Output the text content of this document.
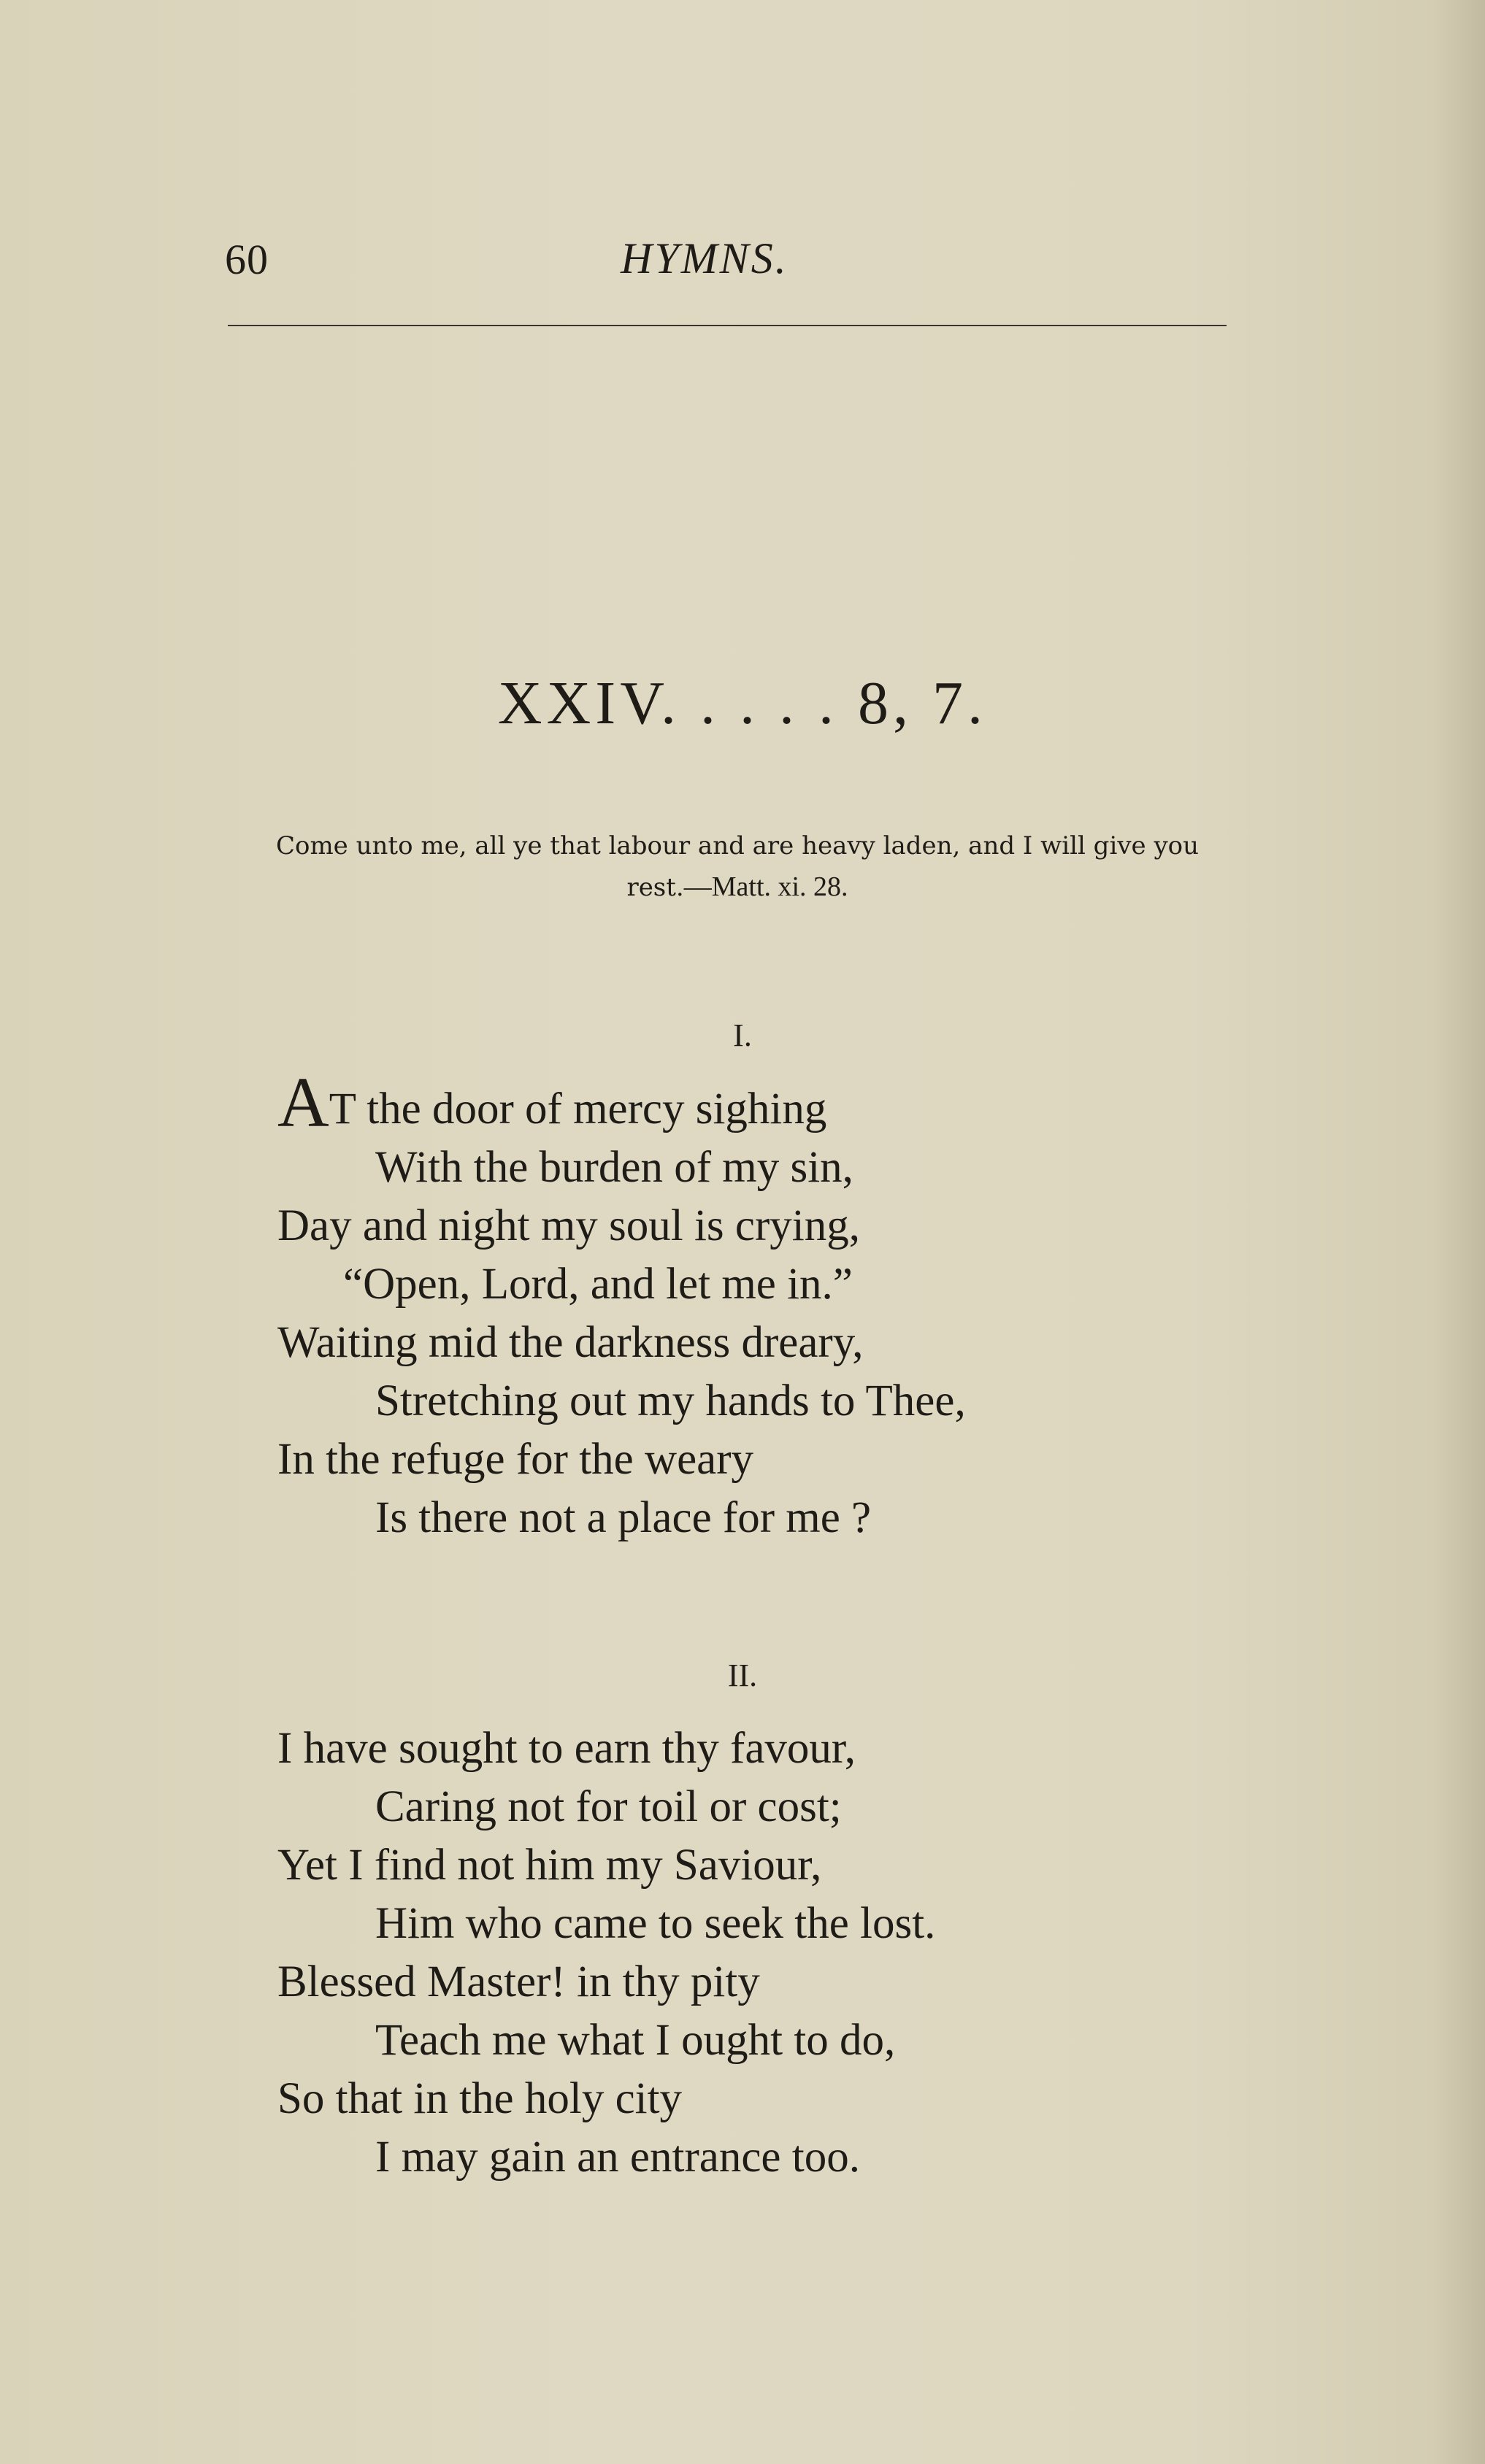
60	HYMNS.
XXIV. . . . . 8, 7.
Come unto me, all ye that labour and are heavy laden, and I will give you rest.—Matt. xi. 28.
I.
AT the door of mercy sighing
With the burden of my sin,
Day and night my soul is crying,
“Open, Lord, and let me in.”
Waiting mid the darkness dreary,
Stretching out my hands to Thee,
In the refuge for the weary
Is there not a place for me ?
II.
I have sought to earn thy favour,
Caring not for toil or cost;
Yet I find not him my Saviour,
Him who came to seek the lost.
Blessed Master! in thy pity
Teach me what I ought to do,
So that in the holy city
I may gain an entrance too.
